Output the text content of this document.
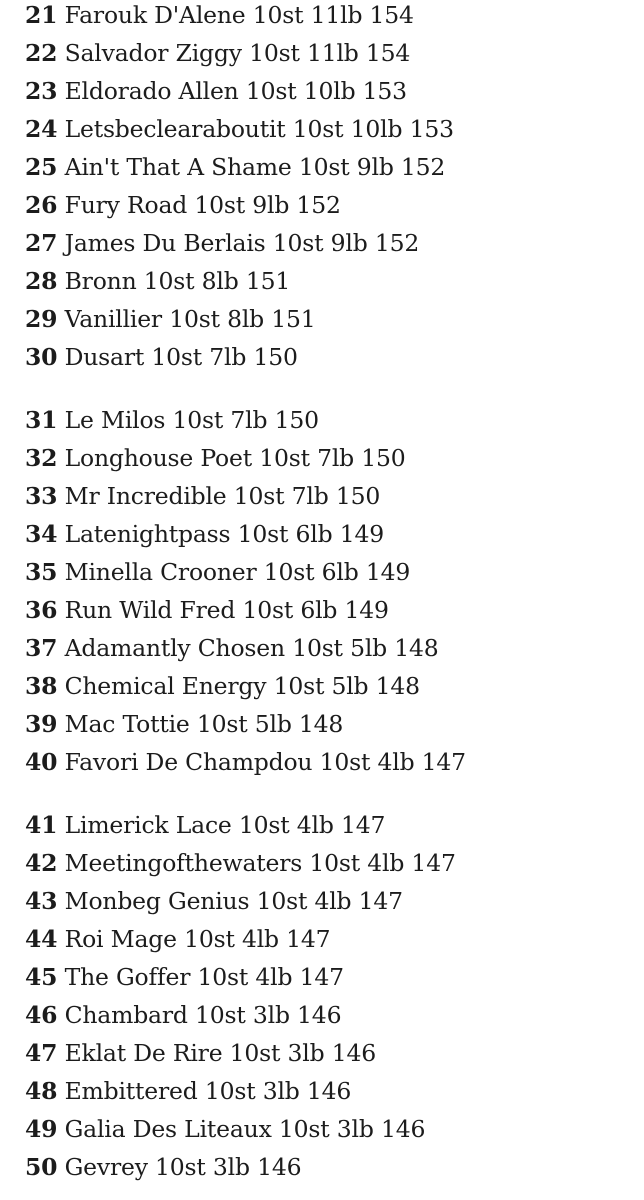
21 Farouk D'Alene 10st 11lb 154
22 Salvador Ziggy 10st 11lb 154
23 Eldorado Allen 10st 10lb 153
24 Letsbeclearaboutit 10st 10lb 153
25 Ain't That A Shame 10st 9lb 152
26 Fury Road 10st 9lb 152
27 James Du Berlais 10st 9lb 152
28 Bronn 10st 8lb 151
29 Vanillier 10st 8lb 151
30 Dusart 10st 7lb 150
31 Le Milos 10st 7lb 150
32 Longhouse Poet 10st 7lb 150
33 Mr Incredible 10st 7lb 150
34 Latenightpass 10st 6lb 149
35 Minella Crooner 10st 6lb 149
36 Run Wild Fred 10st 6lb 149
37 Adamantly Chosen 10st 5lb 148
38 Chemical Energy 10st 5lb 148
39 Mac Tottie 10st 5lb 148
40 Favori De Champdou 10st 4lb 147
41 Limerick Lace 10st 4lb 147
42 Meetingofthewaters 10st 4lb 147
43 Monbeg Genius 10st 4lb 147
44 Roi Mage 10st 4lb 147
45 The Goffer 10st 4lb 147
46 Chambard 10st 3lb 146
47 Eklat De Rire 10st 3lb 146
48 Embittered 10st 3lb 146
49 Galia Des Liteaux 10st 3lb 146
50 Gevrey 10st 3lb 146
